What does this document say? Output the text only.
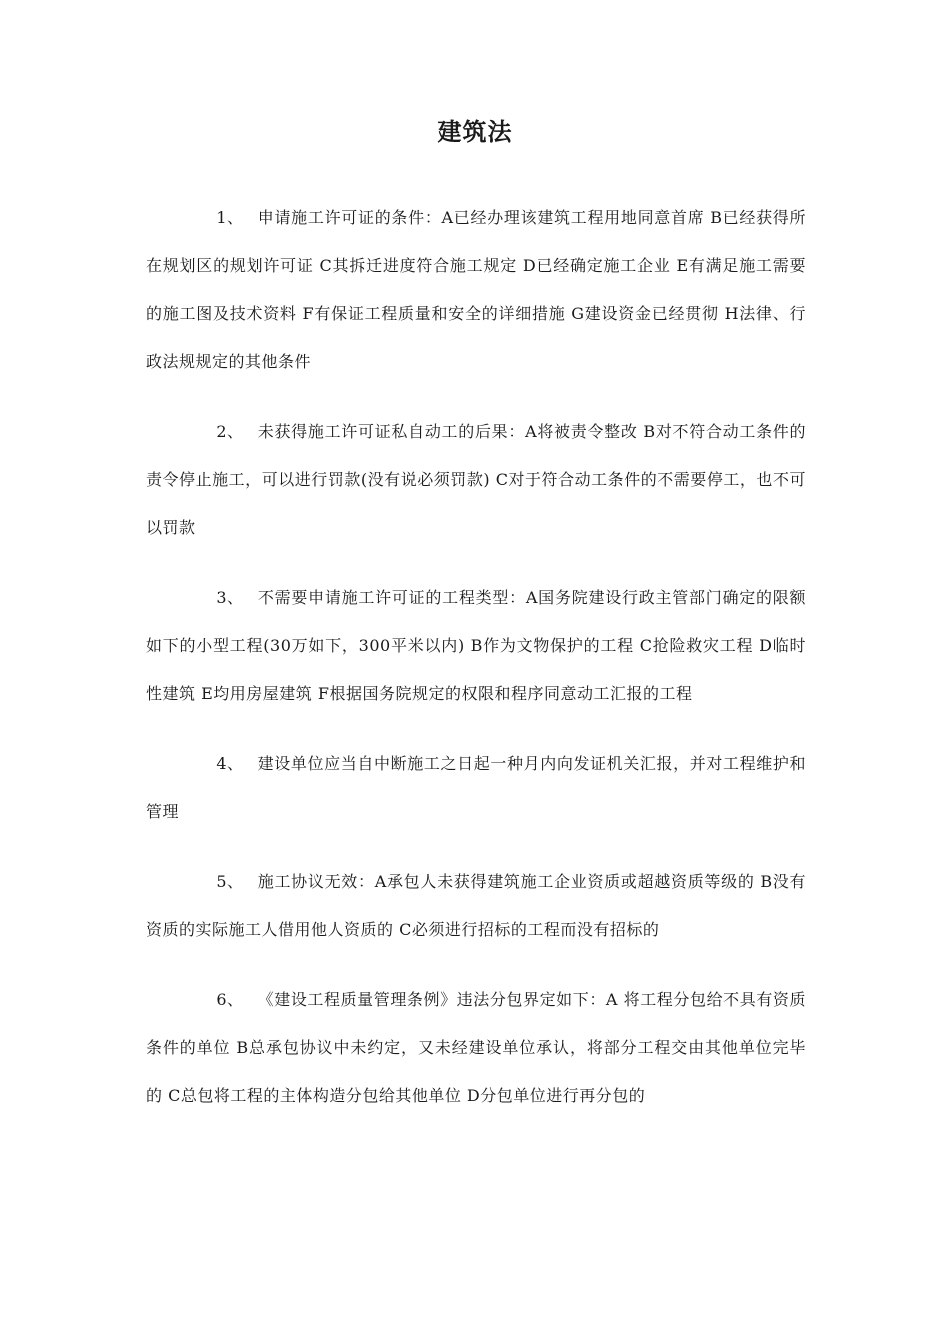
建筑法

1、 申请施工许可证的条件：A已经办理该建筑工程用地同意首席 B已经获得所在规划区的规划许可证 C其拆迁进度符合施工规定 D已经确定施工企业 E有满足施工需要的施工图及技术资料 F有保证工程质量和安全的详细措施 G建设资金已经贯彻 H法律、行政法规规定的其他条件

2、 未获得施工许可证私自动工的后果：A将被责令整改 B对不符合动工条件的责令停止施工，可以进行罚款(没有说必须罚款) C对于符合动工条件的不需要停工，也不可以罚款

3、 不需要申请施工许可证的工程类型：A国务院建设行政主管部门确定的限额如下的小型工程(30万如下，300平米以内) B作为文物保护的工程 C抢险救灾工程 D临时性建筑 E均用房屋建筑 F根据国务院规定的权限和程序同意动工汇报的工程

4、 建设单位应当自中断施工之日起一种月内向发证机关汇报，并对工程维护和管理

5、 施工协议无效：A承包人未获得建筑施工企业资质或超越资质等级的 B没有资质的实际施工人借用他人资质的 C必须进行招标的工程而没有招标的

6、 《建设工程质量管理条例》违法分包界定如下：A 将工程分包给不具有资质条件的单位 B总承包协议中未约定，又未经建设单位承认，将部分工程交由其他单位完毕的 C总包将工程的主体构造分包给其他单位 D分包单位进行再分包的
